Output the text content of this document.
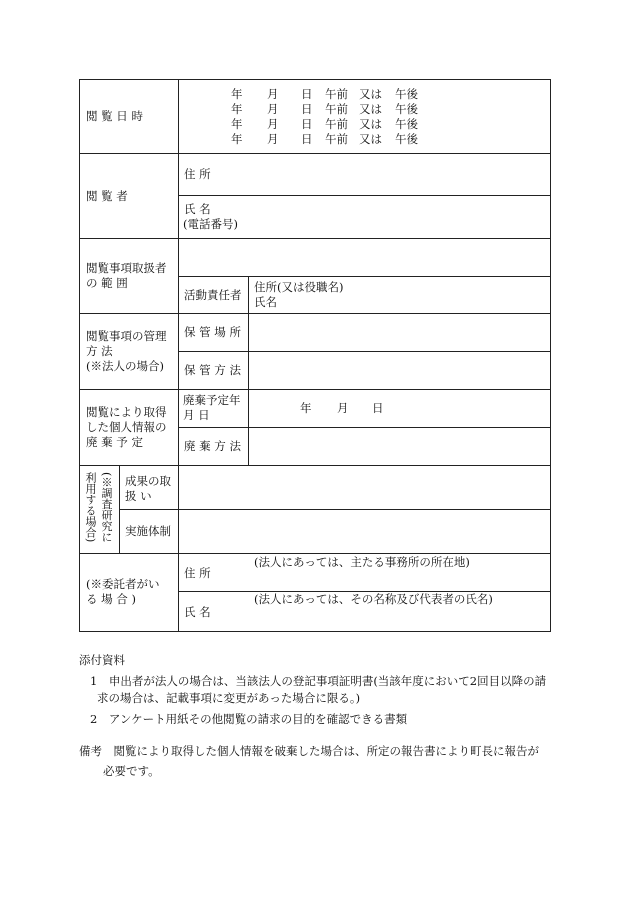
閲 覧 日 時
年 月 日 午前 又は 午後
年 月 日 午前 又は 午後
年 月 日 午前 又は 午後
年 月 日 午前 又は 午後
閲 覧 者
住 所
氏 名
(電話番号)
閲覧事項取扱者
の 範 囲
活動責任者
住所(又は役職名)
氏名
閲覧事項の管理
方 法
(※法人の場合)
保 管 場 所
保 管 方 法
閲覧により取得
した個人情報の
廃 棄 予 定
廃棄予定年
月 日	年 月 日
廃 棄 方 法
(※調査研究に
利用する場合) 成果の取
扱 い
実施体制
(※委託者がい
る 場 合 )
住 所
(法人にあっては、主たる事務所の所在地)
氏 名
(法人にあっては、その名称及び代表者の氏名)
添付資料
1　申出者が法人の場合は、当該法人の登記事項証明書(当該年度において2回目以降の請
求の場合は、記載事項に変更があった場合に限る。)
2　アンケート用紙その他閲覧の請求の目的を確認できる書類
備考　閲覧により取得した個人情報を破棄した場合は、所定の報告書により町長に報告が
必要です。
